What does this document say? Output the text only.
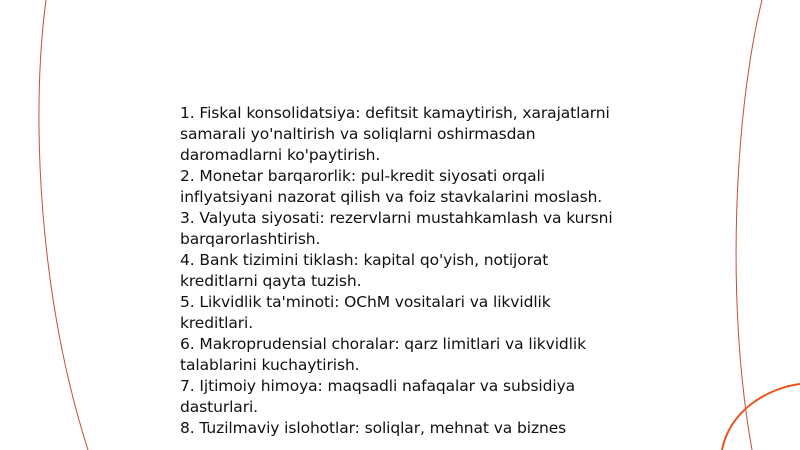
1. Fiskal konsolidatsiya: defitsit kamaytirish, xarajatlarni samarali yo'naltirish va soliqlarni oshirmasdan daromadlarni ko'paytirish.

2. Monetar barqarorlik: pul-kredit siyosati orqali inflyatsiyani nazorat qilish va foiz stavkalarini moslash.

3. Valyuta siyosati: rezervlarni mustahkamlash va kursni barqarorlashtirish.

4. Bank tizimini tiklash: kapital qo'yish, notijorat kreditlarni qayta tuzish.

5. Likvidlik ta'minoti: OChM vositalari va likvidlik kreditlari.

6. Makroprudensial choralar: qarz limitlari va likvidlik talablarini kuchaytirish.

7. Ijtimoiy himoya: maqsadli nafaqalar va subsidiya dasturlari.

8. Tuzilmaviy islohotlar: soliqlar, mehnat va biznes
